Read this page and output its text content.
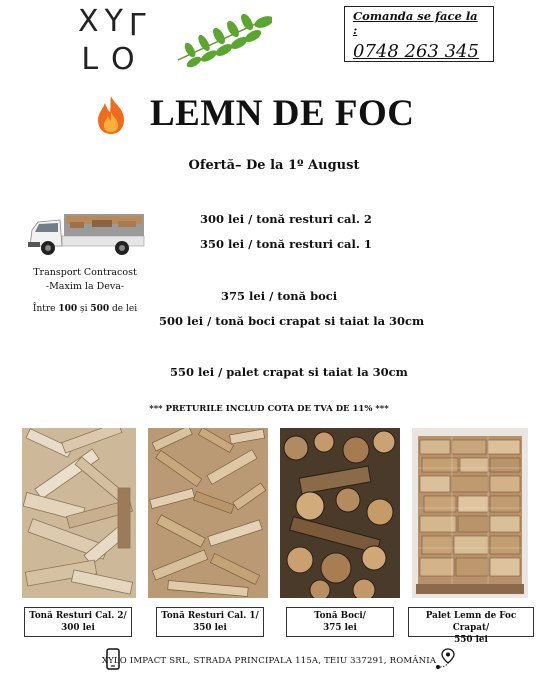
X Y L
L O
Comanda se face la :
0748 263 345
LEMN DE FOC
Ofertă– De la 1º August
300 lei / tonă resturi cal. 2
350 lei / tonă resturi cal. 1
375 lei / tonă boci
500 lei / tonă boci crapat si taiat la 30cm
550 lei / palet crapat si taiat la 30cm
Transport Contracost
-Maxim la Deva-
Între 100 și 500 de lei
*** PRETURILE INCLUD COTA DE TVA DE 11% ***
Tonă Resturi Cal. 2/
300 lei
Tonă Resturi Cal. 1/
350 lei
Tonă Boci/
375 lei
Palet Lemn de Foc Crapat/
550 lei
XYLO IMPACT SRL, STRADA PRINCIPALA 115A, TEIU 337291, ROMÂNIA
